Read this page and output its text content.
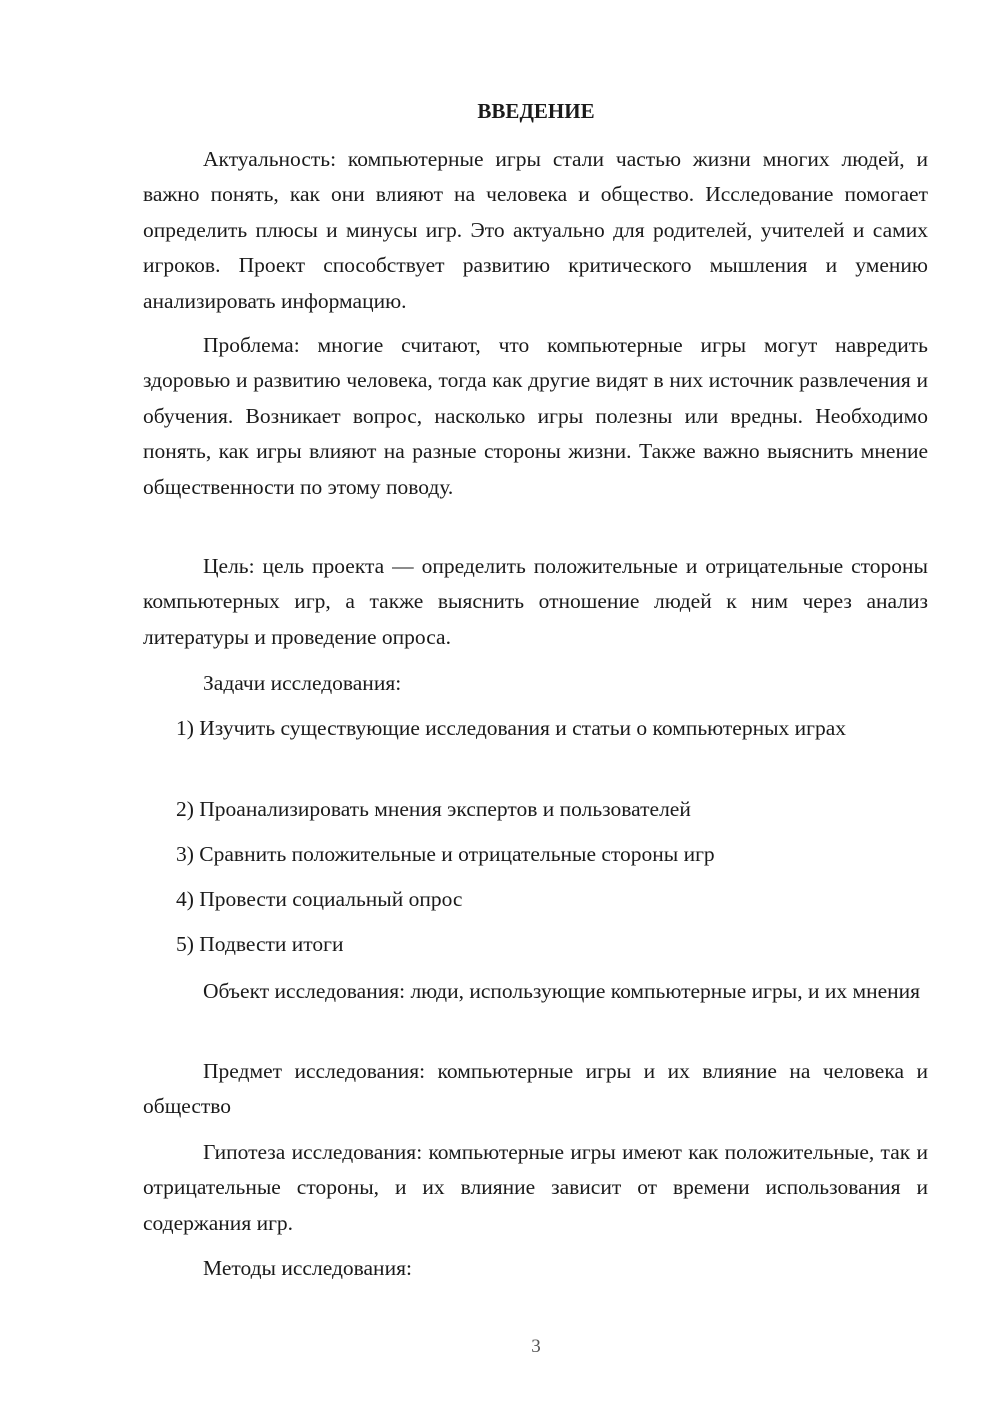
ВВЕДЕНИЕ

Актуальность: компьютерные игры стали частью жизни многих людей, и важно понять, как они влияют на человека и общество. Исследование помогает определить плюсы и минусы игр. Это актуально для родителей, учителей и самих игроков. Проект способствует развитию критического мышления и умению анализировать информацию.

Проблема: многие считают, что компьютерные игры могут навредить здоровью и развитию человека, тогда как другие видят в них источник развлечения и обучения. Возникает вопрос, насколько игры полезны или вредны. Необходимо понять, как игры влияют на разные стороны жизни. Также важно выяснить мнение общественности по этому поводу.

Цель: цель проекта — определить положительные и отрицательные стороны компьютерных игр, а также выяснить отношение людей к ним через анализ литературы и проведение опроса.

Задачи исследования:

1) Изучить существующие исследования и статьи о компьютерных играх

2) Проанализировать мнения экспертов и пользователей

3) Сравнить положительные и отрицательные стороны игр

4) Провести социальный опрос

5) Подвести итоги

Объект исследования: люди, использующие компьютерные игры, и их мнения

Предмет исследования: компьютерные игры и их влияние на человека и общество

Гипотеза исследования: компьютерные игры имеют как положительные, так и отрицательные стороны, и их влияние зависит от времени использования и содержания игр.

Методы исследования:

3
